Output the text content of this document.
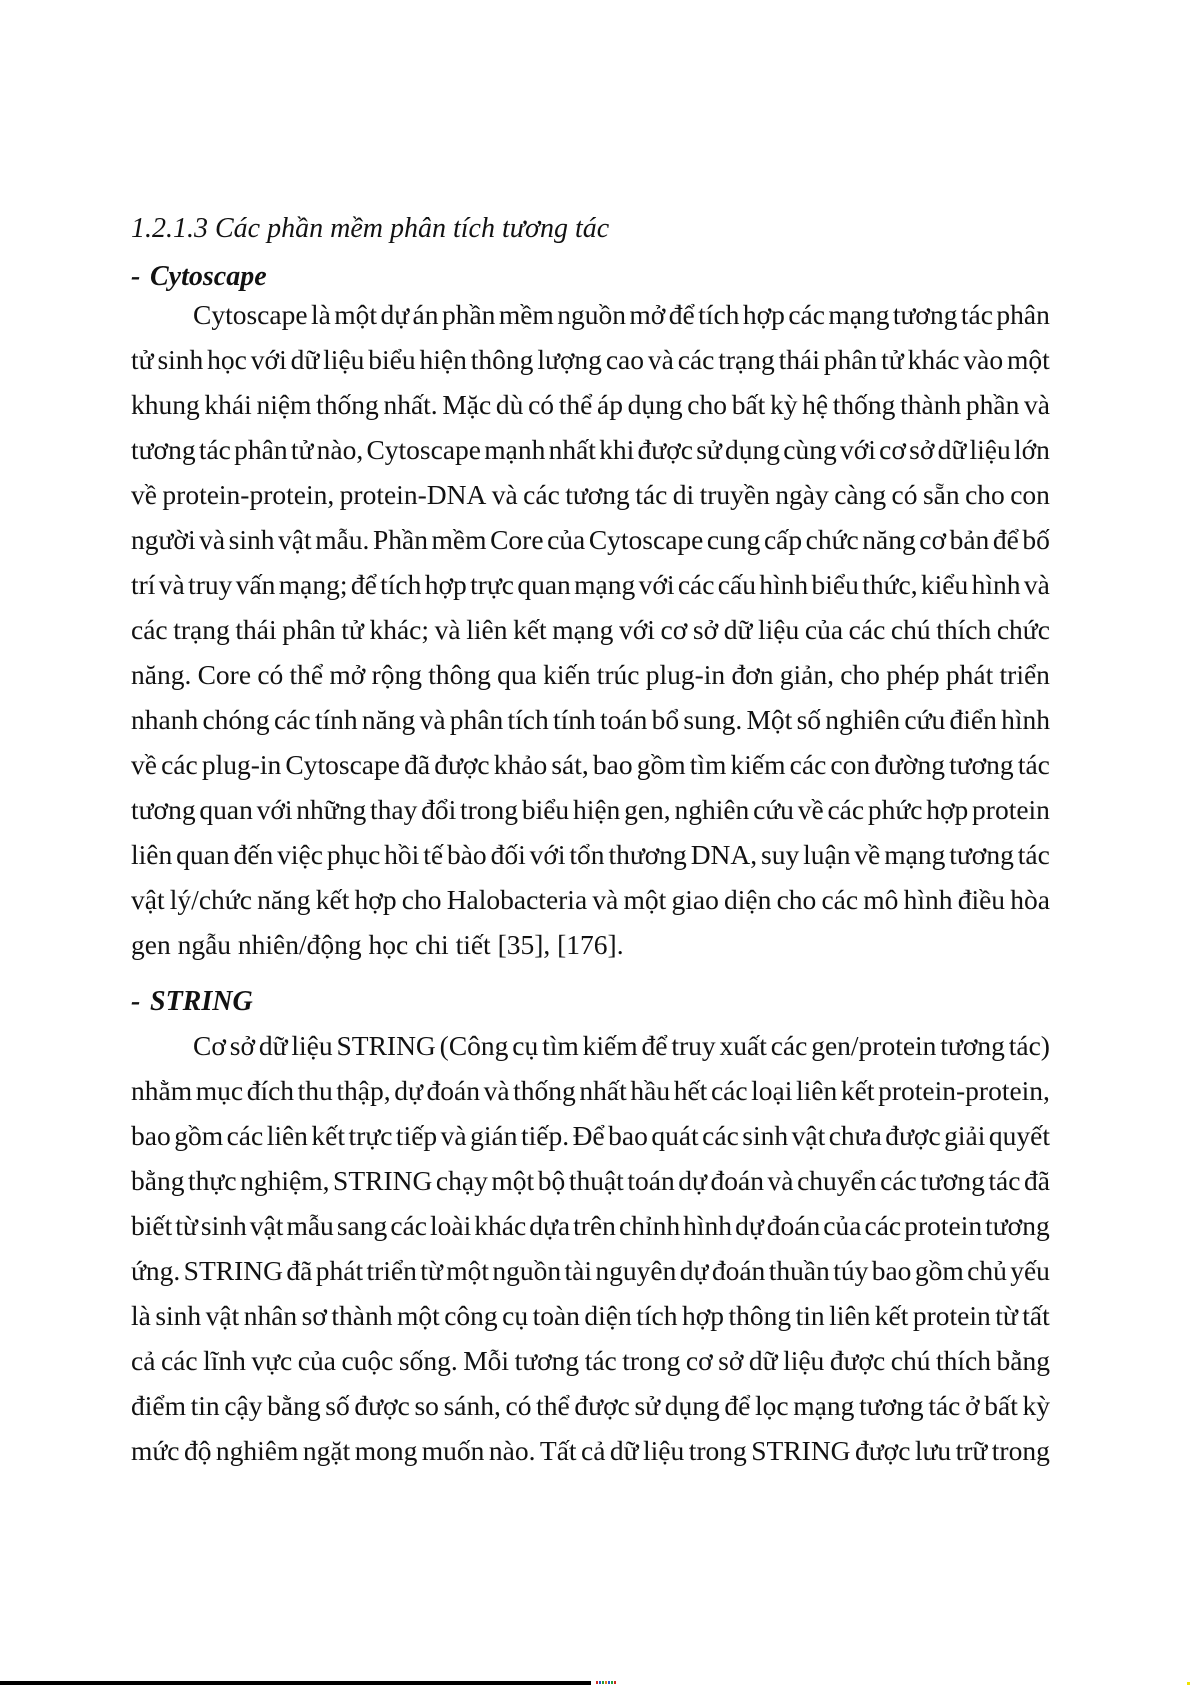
1.2.1.3 Các phần mềm phân tích tương tác
- Cytoscape
Cytoscape là một dự án phần mềm nguồn mở để tích hợp các mạng tương tác phân
tử sinh học với dữ liệu biểu hiện thông lượng cao và các trạng thái phân tử khác vào một
khung khái niệm thống nhất. Mặc dù có thể áp dụng cho bất kỳ hệ thống thành phần và
tương tác phân tử nào, Cytoscape mạnh nhất khi được sử dụng cùng với cơ sở dữ liệu lớn
về protein-protein, protein-DNA và các tương tác di truyền ngày càng có sẵn cho con
người và sinh vật mẫu. Phần mềm Core của Cytoscape cung cấp chức năng cơ bản để bố
trí và truy vấn mạng; để tích hợp trực quan mạng với các cấu hình biểu thức, kiểu hình và
các trạng thái phân tử khác; và liên kết mạng với cơ sở dữ liệu của các chú thích chức
năng. Core có thể mở rộng thông qua kiến trúc plug-in đơn giản, cho phép phát triển
nhanh chóng các tính năng và phân tích tính toán bổ sung. Một số nghiên cứu điển hình
về các plug-in Cytoscape đã được khảo sát, bao gồm tìm kiếm các con đường tương tác
tương quan với những thay đổi trong biểu hiện gen, nghiên cứu về các phức hợp protein
liên quan đến việc phục hồi tế bào đối với tổn thương DNA, suy luận về mạng tương tác
vật lý/chức năng kết hợp cho Halobacteria và một giao diện cho các mô hình điều hòa
gen ngẫu nhiên/động học chi tiết [35], [176].
- STRING
Cơ sở dữ liệu STRING (Công cụ tìm kiếm để truy xuất các gen/protein tương tác)
nhằm mục đích thu thập, dự đoán và thống nhất hầu hết các loại liên kết protein-protein,
bao gồm các liên kết trực tiếp và gián tiếp. Để bao quát các sinh vật chưa được giải quyết
bằng thực nghiệm, STRING chạy một bộ thuật toán dự đoán và chuyển các tương tác đã
biết từ sinh vật mẫu sang các loài khác dựa trên chỉnh hình dự đoán của các protein tương
ứng. STRING đã phát triển từ một nguồn tài nguyên dự đoán thuần túy bao gồm chủ yếu
là sinh vật nhân sơ thành một công cụ toàn diện tích hợp thông tin liên kết protein từ tất
cả các lĩnh vực của cuộc sống. Mỗi tương tác trong cơ sở dữ liệu được chú thích bằng
điểm tin cậy bằng số được so sánh, có thể được sử dụng để lọc mạng tương tác ở bất kỳ
mức độ nghiêm ngặt mong muốn nào. Tất cả dữ liệu trong STRING được lưu trữ trong
